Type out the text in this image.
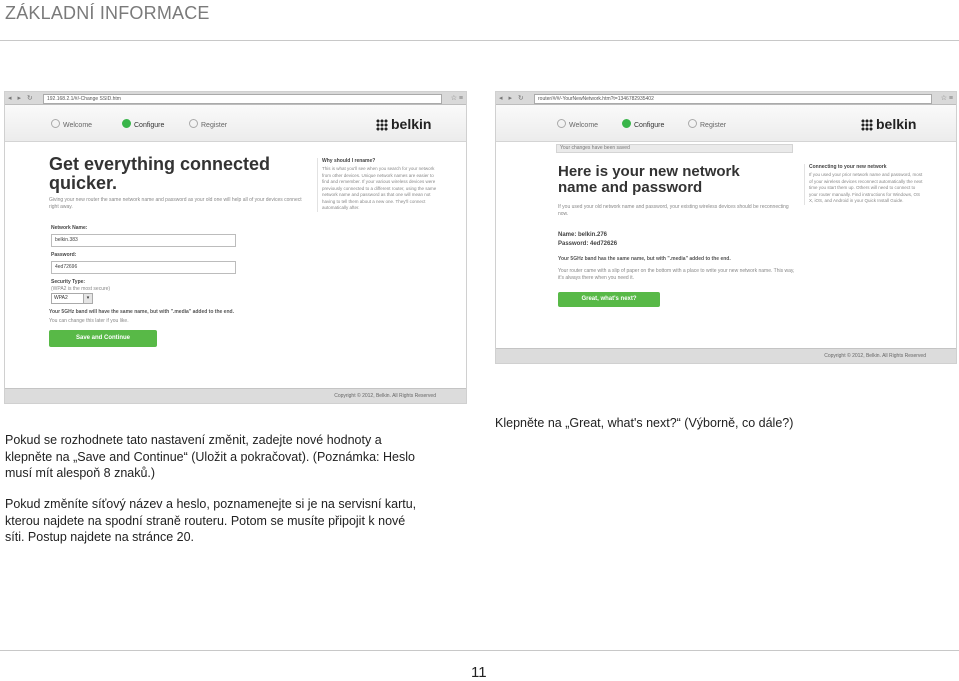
ZÁKLADNÍ INFORMACE
◂ ▸ ↻	192.168.2.1/#/-Change SSID.htm	☆ ≡
Welcome	Configure	Register	belkin
Get everything connected quicker.
Giving your new router the same network name and password as your old one will help all of your devices connect right away.
Network Name:
belkin.383
Password:
4ed72696
Security Type:
(WPA2 is the most secure)
WPA2	▾
Your 5GHz band will have the same name, but with ".media" added to the end.
You can change this later if you like.
Save and Continue
Why should I rename?
This is what you'll see when you search for your network from other devices. Unique network names are easier to find and remember. If your various wireless devices were previously connected to a different router, using the same network name and password as that one will mean not having to tell them about a new one. They'll connect automatically after.
Copyright © 2012, Belkin. All Rights Reserved
◂ ▸ ↻	router/#/#/-YourNewNetwork.htm?t=1346782935402	☆ ≡
Welcome	Configure	Register	belkin
Your changes have been saved
Here is your new network name and password
If you used your old network name and password, your existing wireless devices should be reconnecting now.
Name: belkin.276
Password: 4ed72626
Your 5GHz band has the same name, but with ".media" added to the end.
Your router came with a slip of paper on the bottom with a place to write your new network name. This way, it's always there when you need it.
Great, what's next?
Connecting to your new network
If you used your prior network name and password, most of your wireless devices reconnect automatically the next time you start them up. Others will need to connect to your router manually. Find instructions for Windows, OS X, iOS, and Android in your Quick Install Guide.
Copyright © 2012, Belkin. All Rights Reserved
Pokud se rozhodnete tato nastavení změnit, zadejte nové hodnoty a klepněte na „Save and Continue“ (Uložit a pokračovat). (Poznámka: Heslo musí mít alespoň 8 znaků.)
Klepněte na „Great, what's next?“ (Výborně, co dále?)
Pokud změníte síťový název a heslo, poznamenejte si je na servisní kartu, kterou najdete na spodní straně routeru. Potom se musíte připojit k nové síti. Postup najdete na stránce 20.
11
